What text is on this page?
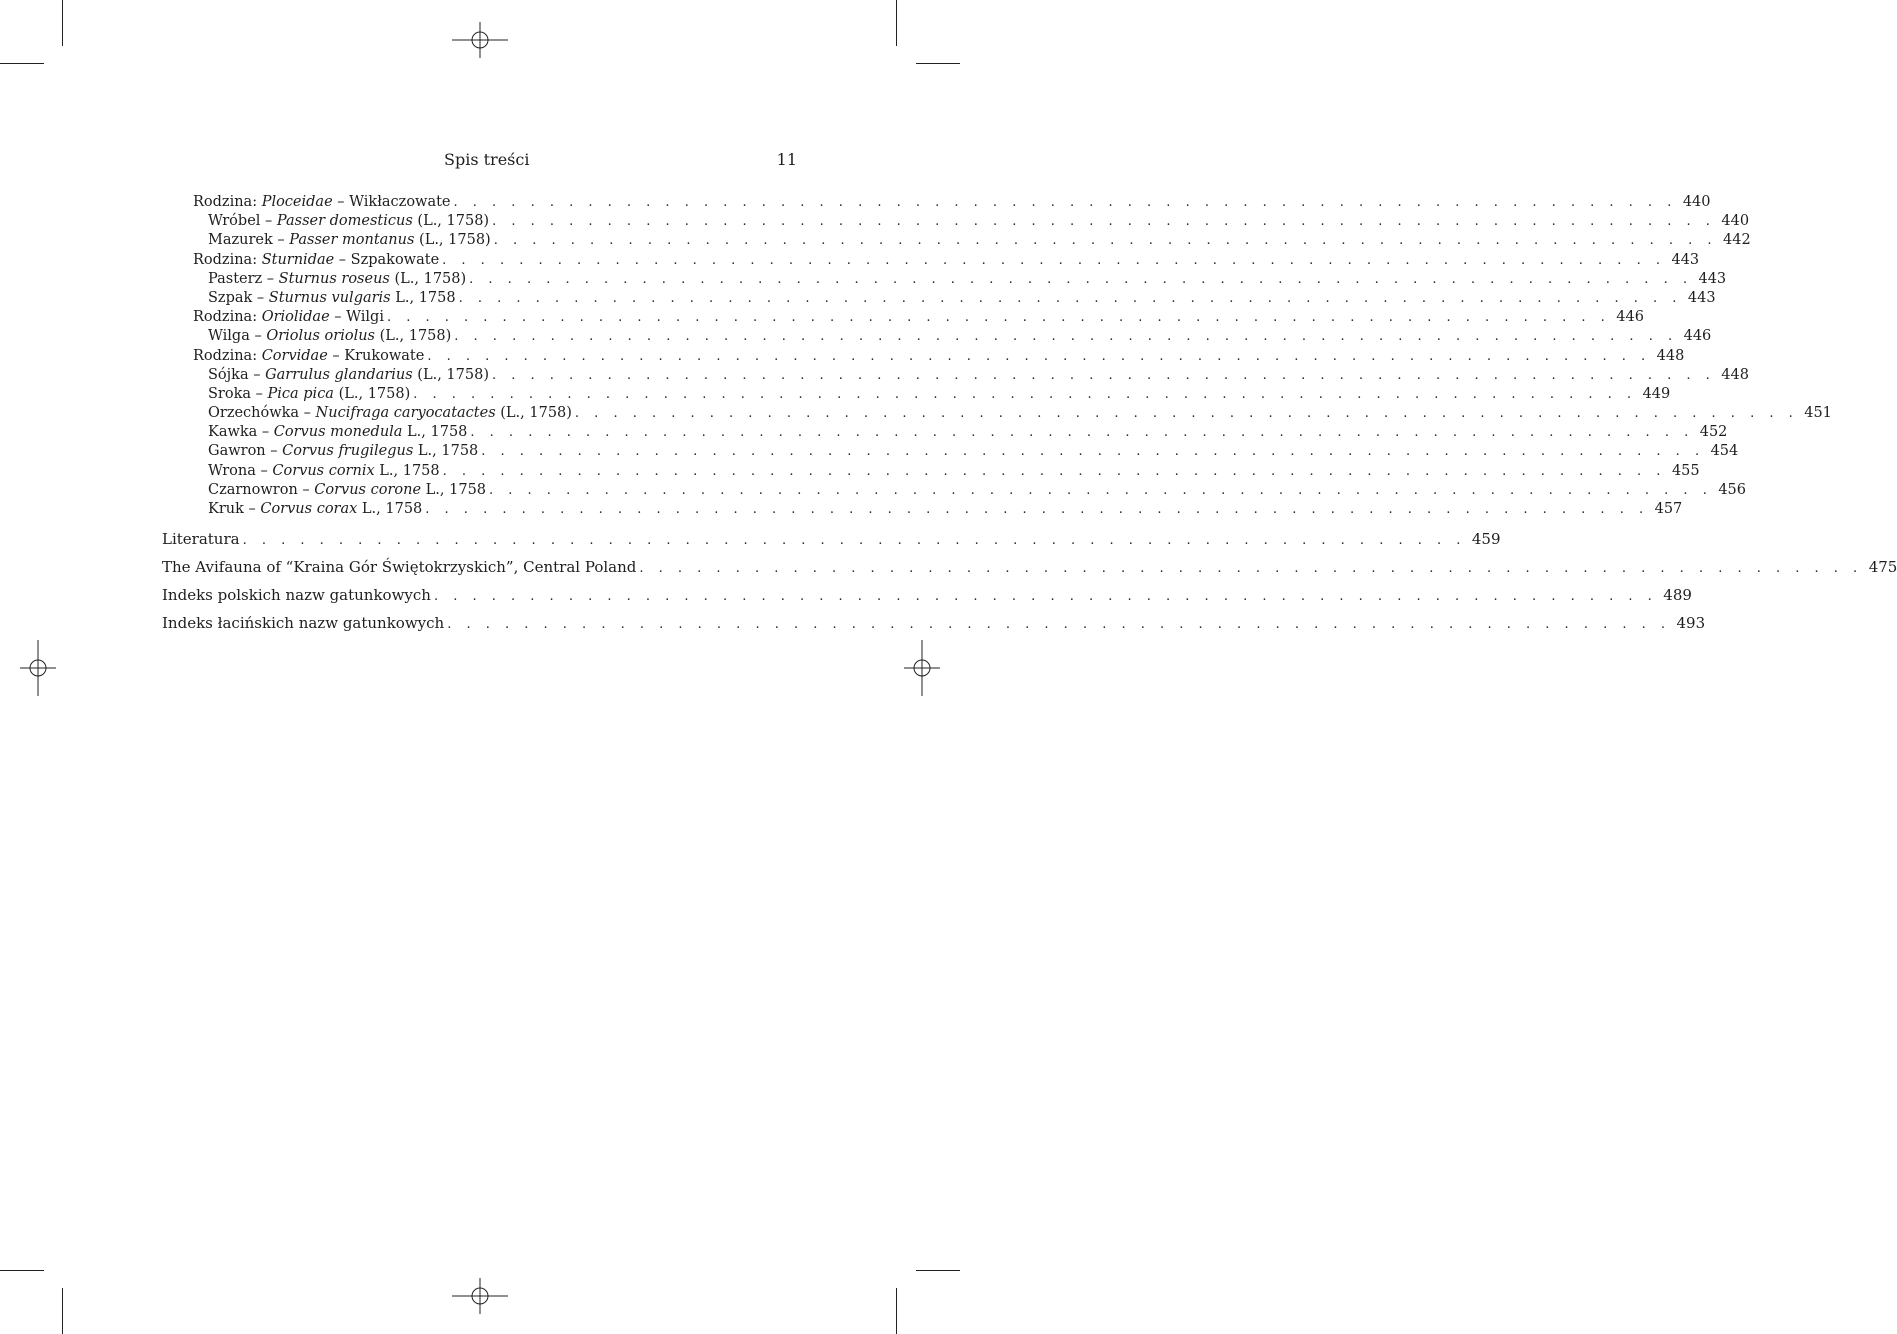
Spis treści	11
Rodzina: Ploceidae – Wikłaczowate . . . . . . . . . . . . . . . . . . . . . . . . . . . . . . . . . . . . . . . . . . . . . . . . . . . . . . . . . . . . . . . . 440
Wróbel – Passer domesticus (L., 1758) . . . . . . . . . . . . . . . . . . . . . . . . . . . . . . . . . . . . . . . . . . . . . . . . . . . . . . . . . . . . . . . . 440
Mazurek – Passer montanus (L., 1758) . . . . . . . . . . . . . . . . . . . . . . . . . . . . . . . . . . . . . . . . . . . . . . . . . . . . . . . . . . . . . . . . 442
Rodzina: Sturnidae – Szpakowate . . . . . . . . . . . . . . . . . . . . . . . . . . . . . . . . . . . . . . . . . . . . . . . . . . . . . . . . . . . . . . . . 443
Pasterz – Sturnus roseus (L., 1758) . . . . . . . . . . . . . . . . . . . . . . . . . . . . . . . . . . . . . . . . . . . . . . . . . . . . . . . . . . . . . . . . 443
Szpak – Sturnus vulgaris L., 1758 . . . . . . . . . . . . . . . . . . . . . . . . . . . . . . . . . . . . . . . . . . . . . . . . . . . . . . . . . . . . . . . . 443
Rodzina: Oriolidae – Wilgi . . . . . . . . . . . . . . . . . . . . . . . . . . . . . . . . . . . . . . . . . . . . . . . . . . . . . . . . . . . . . . . . 446
Wilga – Oriolus oriolus (L., 1758) . . . . . . . . . . . . . . . . . . . . . . . . . . . . . . . . . . . . . . . . . . . . . . . . . . . . . . . . . . . . . . . . 446
Rodzina: Corvidae – Krukowate . . . . . . . . . . . . . . . . . . . . . . . . . . . . . . . . . . . . . . . . . . . . . . . . . . . . . . . . . . . . . . . . 448
Sójka – Garrulus glandarius (L., 1758) . . . . . . . . . . . . . . . . . . . . . . . . . . . . . . . . . . . . . . . . . . . . . . . . . . . . . . . . . . . . . . . . 448
Sroka – Pica pica (L., 1758) . . . . . . . . . . . . . . . . . . . . . . . . . . . . . . . . . . . . . . . . . . . . . . . . . . . . . . . . . . . . . . . . 449
Orzechówka – Nucifraga caryocatactes (L., 1758) . . . . . . . . . . . . . . . . . . . . . . . . . . . . . . . . . . . . . . . . . . . . . . . . . . . . . . . . . . . . . . . . 451
Kawka – Corvus monedula L., 1758 . . . . . . . . . . . . . . . . . . . . . . . . . . . . . . . . . . . . . . . . . . . . . . . . . . . . . . . . . . . . . . . . 452
Gawron – Corvus frugilegus L., 1758 . . . . . . . . . . . . . . . . . . . . . . . . . . . . . . . . . . . . . . . . . . . . . . . . . . . . . . . . . . . . . . . . 454
Wrona – Corvus cornix L., 1758 . . . . . . . . . . . . . . . . . . . . . . . . . . . . . . . . . . . . . . . . . . . . . . . . . . . . . . . . . . . . . . . . 455
Czarnowron – Corvus corone L., 1758 . . . . . . . . . . . . . . . . . . . . . . . . . . . . . . . . . . . . . . . . . . . . . . . . . . . . . . . . . . . . . . . . 456
Kruk – Corvus corax L., 1758 . . . . . . . . . . . . . . . . . . . . . . . . . . . . . . . . . . . . . . . . . . . . . . . . . . . . . . . . . . . . . . . . 457
Literatura . . . . . . . . . . . . . . . . . . . . . . . . . . . . . . . . . . . . . . . . . . . . . . . . . . . . . . . . . . . . . . . . 459
The Avifauna of “Kraina Gór Świętokrzyskich”, Central Poland . . . . . . . . . . . . . . . . . . . . . . . . . . . . . . . . . . . . . . . . . . . . . . . . . . . . . . . . . . . . . . . . 475
Indeks polskich nazw gatunkowych . . . . . . . . . . . . . . . . . . . . . . . . . . . . . . . . . . . . . . . . . . . . . . . . . . . . . . . . . . . . . . . . 489
Indeks łacińskich nazw gatunkowych . . . . . . . . . . . . . . . . . . . . . . . . . . . . . . . . . . . . . . . . . . . . . . . . . . . . . . . . . . . . . . . . 493
